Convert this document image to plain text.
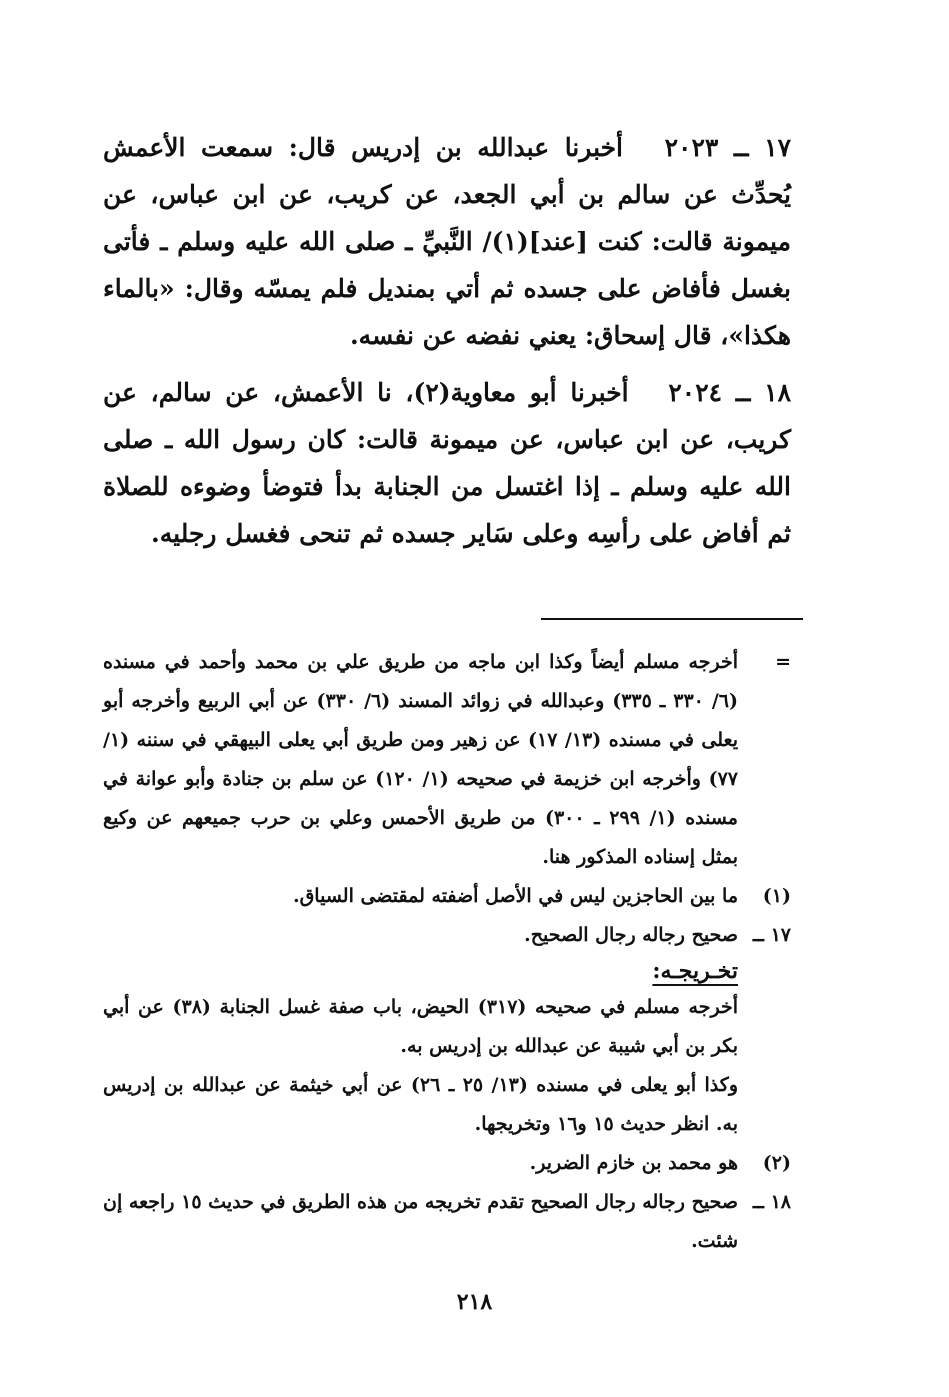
١٧ ــ ٢٠٢٣ أخبرنا عبدالله بن إدريس قال: سمعت الأعمش يُحدِّث عن سالم بن أبي الجعد، عن كريب، عن ابن عباس، عن ميمونة قالت: كنت [عند](١)/ النَّبيِّ ـ صلى الله عليه وسلم ـ فأتى بغسل فأفاض على جسده ثم أتي بمنديل فلم يمسّه وقال: «بالماء هكذا»، قال إسحاق: يعني نفضه عن نفسه.

١٨ ــ ٢٠٢٤ أخبرنا أبو معاوية(٢)، نا الأعمش، عن سالم، عن كريب، عن ابن عباس، عن ميمونة قالت: كان رسول الله ـ صلى الله عليه وسلم ـ إذا اغتسل من الجنابة بدأ فتوضأ وضوءه للصلاة ثم أفاض على رأسِه وعلى سَاير جسده ثم تنحى فغسل رجليه.

=
أخرجه مسلم أيضاً وكذا ابن ماجه من طريق علي بن محمد وأحمد في مسنده (٦/ ٣٣٠ ـ ٣٣٥) وعبدالله في زوائد المسند (٦/ ٣٣٠) عن أبي الربيع وأخرجه أبو يعلى في مسنده (١٣/ ١٧) عن زهير ومن طريق أبي يعلى البيهقي في سننه (١/ ٧٧) وأخرجه ابن خزيمة في صحيحه (١/ ١٢٠) عن سلم بن جنادة وأبو عوانة في مسنده (١/ ٢٩٩ ـ ٣٠٠) من طريق الأحمس وعلي بن حرب جميعهم عن وكيع بمثل إسناده المذكور هنا.

(١)
ما بين الحاجزين ليس في الأصل أضفته لمقتضى السياق.

١٧ ــ
صحيح رجاله رجال الصحيح.

تخـريجـه:

أخرجه مسلم في صحيحه (٣١٧) الحيض، باب صفة غسل الجنابة (٣٨) عن أبي بكر بن أبي شيبة عن عبدالله بن إدريس به.

وكذا أبو يعلى في مسنده (١٣/ ٢٥ ـ ٢٦) عن أبي خيثمة عن عبدالله بن إدريس به. انظر حديث ١٥ و١٦ وتخريجها.

(٢)
هو محمد بن خازم الضرير.

١٨ ــ
صحيح رجاله رجال الصحيح تقدم تخريجه من هذه الطريق في حديث ١٥ راجعه إن شئت.

٢١٨
